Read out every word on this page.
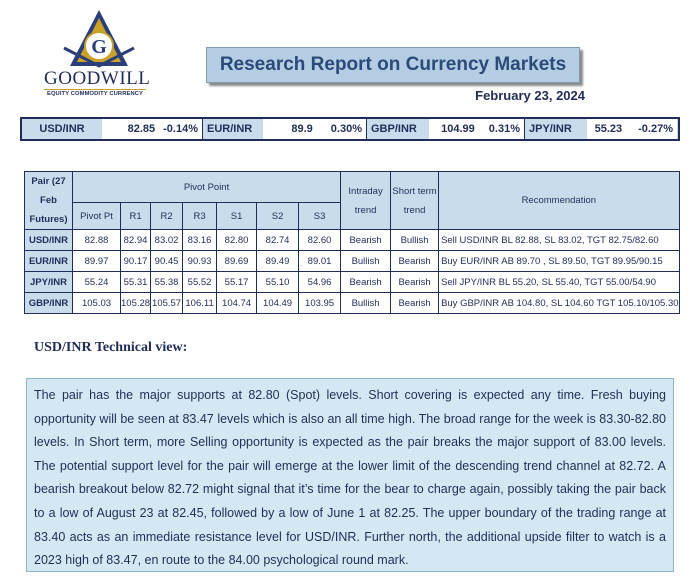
G
GOODWILL
EQUITY COMMODITY CURRENCY
Research Report on Currency Markets
February 23, 2024
USD/INR	82.85 -0.14% EUR/INR	89.9	0.30% GBP/INR	104.99	0.31% JPY/INR	55.23	-0.27%
Pair (27 Feb Futures)	Pivot Point							Intraday trend	Short term trend	Recommendation
	Pivot Pt	R1	R2	R3	S1	S2	S3			
USD/INR	82.88	82.94	83.02	83.16	82.80	82.74	82.60	Bearish	Bullish	Sell USD/INR BL 82.88, SL 83.02, TGT 82.75/82.60
EUR/INR	89.97	90.17	90.45	90.93	89.69	89.49	89.01	Bullish	Bearish	Buy EUR/INR AB 89.70 , SL 89.50, TGT 89.95/90.15
JPY/INR	55.24	55.31	55.38	55.52	55.17	55.10	54.96	Bearish	Bearish	Sell JPY/INR BL 55.20, SL 55.40, TGT 55.00/54.90
GBP/INR	105.03	105.28	105.57	106.11	104.74	104.49	103.95	Bullish	Bearish	Buy GBP/INR AB 104.80, SL 104.60 TGT 105.10/105.30
USD/INR Technical view:
The pair has the major supports at 82.80 (Spot) levels. Short covering is expected any time. Fresh buying opportunity will be seen at 83.47 levels which is also an all time high. The broad range for the week is 83.30-82.80 levels. In Short term, more Selling opportunity is expected as the pair breaks the major support of 83.00 levels. The potential support level for the pair will emerge at the lower limit of the descending trend channel at 82.72. A bearish breakout below 82.72 might signal that it’s time for the bear to charge again, possibly taking the pair back to a low of August 23 at 82.45, followed by a low of June 1 at 82.25. The upper boundary of the trading range at 83.40 acts as an immediate resistance level for USD/INR. Further north, the additional upside filter to watch is a 2023 high of 83.47, en route to the 84.00 psychological round mark.
